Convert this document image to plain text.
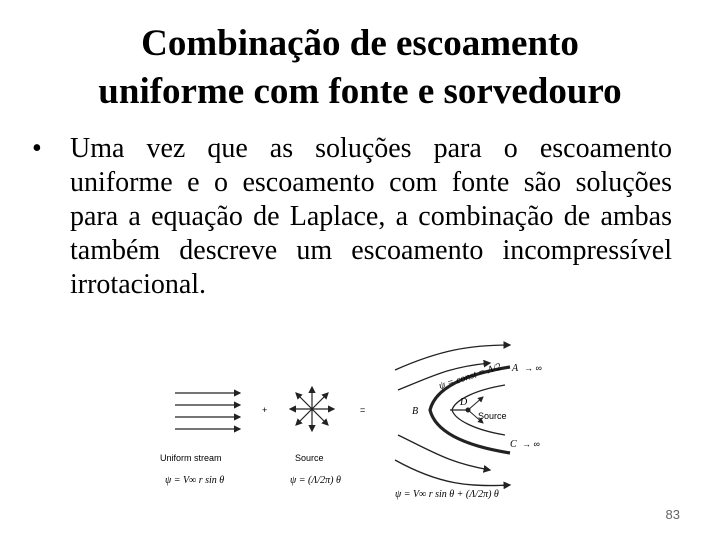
Combinação de escoamento
uniforme com fonte e sorvedouro
• Uma vez que as soluções para o escoamento uniforme e o escoamento com fonte são soluções para a equação de Laplace, a combinação de ambas também descreve um escoamento incompressível irrotacional.
+	=
ψ = const = Λ/2 A → ∞
B
D
Source
C → ∞
Uniform stream	Source
ψ = V∞ r sin θ	ψ = (Λ/2π) θ
ψ = V∞ r sin θ + (Λ/2π) θ
83
